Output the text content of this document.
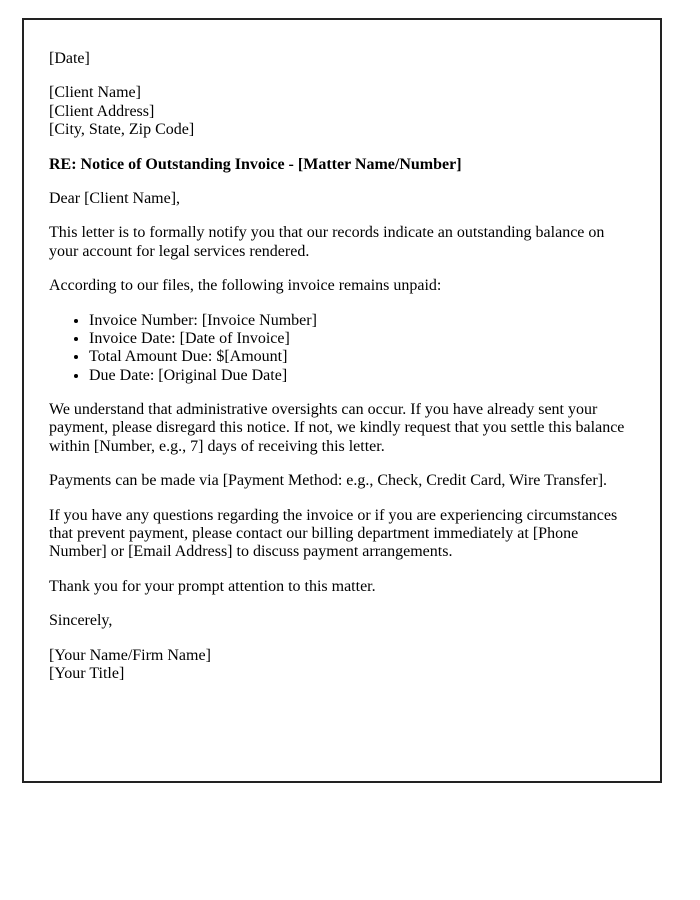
[Date]

[Client Name]
[Client Address]
[City, State, Zip Code]

RE: Notice of Outstanding Invoice - [Matter Name/Number]

Dear [Client Name],

This letter is to formally notify you that our records indicate an outstanding balance on your account for legal services rendered.

According to our files, the following invoice remains unpaid:

• Invoice Number: [Invoice Number]
• Invoice Date: [Date of Invoice]
• Total Amount Due: $[Amount]
• Due Date: [Original Due Date]

We understand that administrative oversights can occur. If you have already sent your payment, please disregard this notice. If not, we kindly request that you settle this balance within [Number, e.g., 7] days of receiving this letter.

Payments can be made via [Payment Method: e.g., Check, Credit Card, Wire Transfer].

If you have any questions regarding the invoice or if you are experiencing circumstances that prevent payment, please contact our billing department immediately at [Phone Number] or [Email Address] to discuss payment arrangements.

Thank you for your prompt attention to this matter.

Sincerely,

[Your Name/Firm Name]
[Your Title]
